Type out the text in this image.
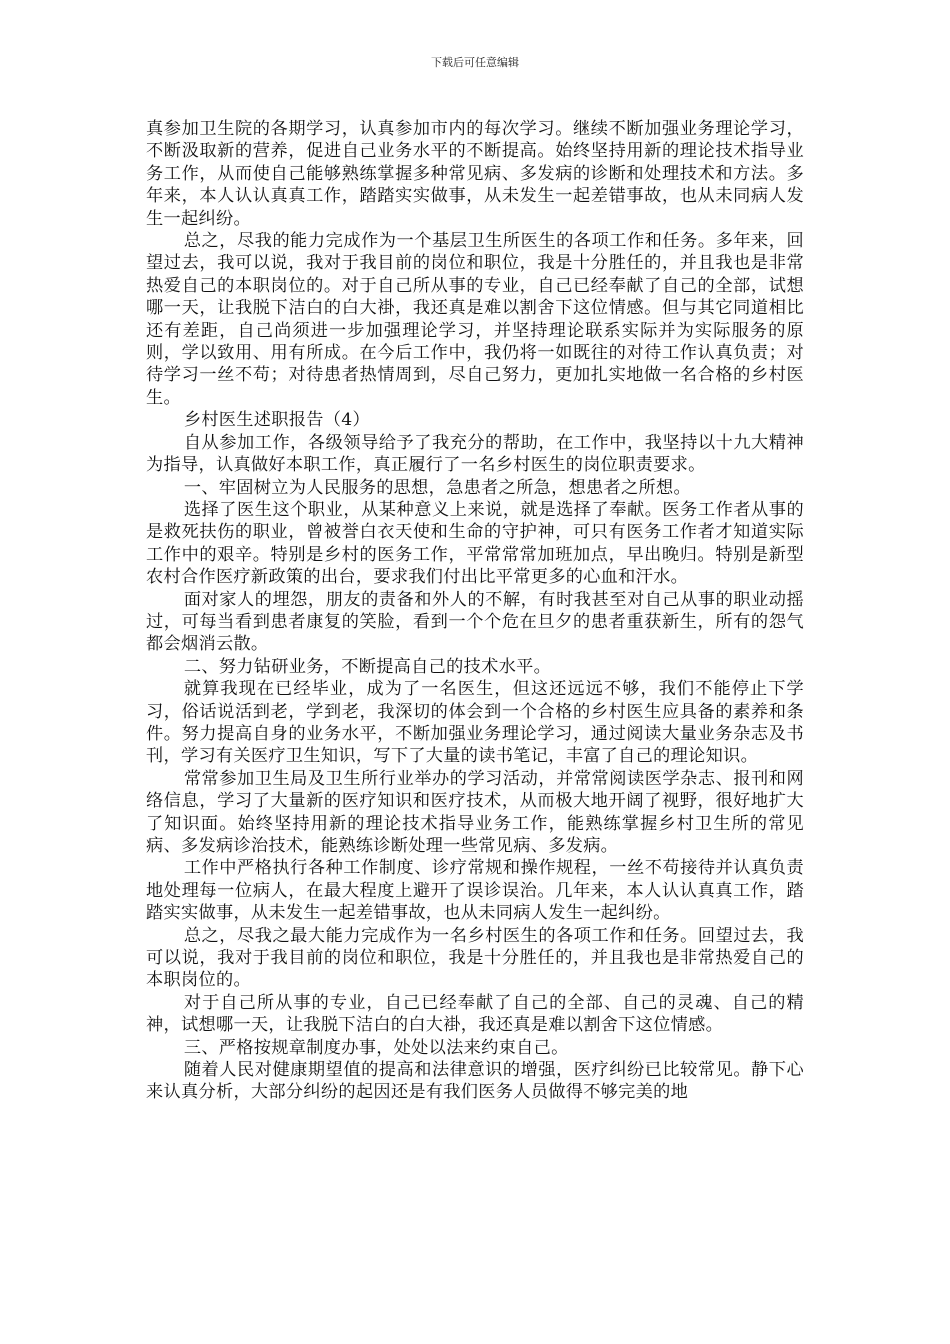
下载后可任意编辑

真参加卫生院的各期学习，认真参加市内的每次学习。继续不断加强业务理论学习，不断汲取新的营养，促进自己业务水平的不断提高。始终坚持用新的理论技术指导业务工作，从而使自己能够熟练掌握多种常见病、多发病的诊断和处理技术和方法。多年来，本人认认真真工作，踏踏实实做事，从未发生一起差错事故，也从未同病人发生一起纠纷。

总之，尽我的能力完成作为一个基层卫生所医生的各项工作和任务。多年来，回望过去，我可以说，我对于我目前的岗位和职位，我是十分胜任的，并且我也是非常热爱自己的本职岗位的。对于自己所从事的专业，自己已经奉献了自己的全部，试想哪一天，让我脱下洁白的白大褂，我还真是难以割舍下这位情感。但与其它同道相比还有差距，自己尚须进一步加强理论学习，并坚持理论联系实际并为实际服务的原则，学以致用、用有所成。在今后工作中，我仍将一如既往的对待工作认真负责；对待学习一丝不苟；对待患者热情周到，尽自己努力，更加扎实地做一名合格的乡村医生。

乡村医生述职报告（4）

自从参加工作，各级领导给予了我充分的帮助，在工作中，我坚持以十九大精神为指导，认真做好本职工作，真正履行了一名乡村医生的岗位职责要求。

一、牢固树立为人民服务的思想，急患者之所急，想患者之所想。

选择了医生这个职业，从某种意义上来说，就是选择了奉献。医务工作者从事的是救死扶伤的职业，曾被誉白衣天使和生命的守护神，可只有医务工作者才知道实际工作中的艰辛。特别是乡村的医务工作，平常常常加班加点，早出晚归。特别是新型农村合作医疗新政策的出台，要求我们付出比平常更多的心血和汗水。

面对家人的埋怨，朋友的责备和外人的不解，有时我甚至对自己从事的职业动摇过，可每当看到患者康复的笑脸，看到一个个危在旦夕的患者重获新生，所有的怨气都会烟消云散。

二、努力钻研业务，不断提高自己的技术水平。

就算我现在已经毕业，成为了一名医生，但这还远远不够，我们不能停止下学习，俗话说活到老，学到老，我深切的体会到一个合格的乡村医生应具备的素养和条件。努力提高自身的业务水平，不断加强业务理论学习，通过阅读大量业务杂志及书刊，学习有关医疗卫生知识，写下了大量的读书笔记，丰富了自己的理论知识。

常常参加卫生局及卫生所行业举办的学习活动，并常常阅读医学杂志、报刊和网络信息，学习了大量新的医疗知识和医疗技术，从而极大地开阔了视野，很好地扩大了知识面。始终坚持用新的理论技术指导业务工作，能熟练掌握乡村卫生所的常见病、多发病诊治技术，能熟练诊断处理一些常见病、多发病。

工作中严格执行各种工作制度、诊疗常规和操作规程，一丝不苟接待并认真负责地处理每一位病人，在最大程度上避开了误诊误治。几年来，本人认认真真工作，踏踏实实做事，从未发生一起差错事故，也从未同病人发生一起纠纷。

总之，尽我之最大能力完成作为一名乡村医生的各项工作和任务。回望过去，我可以说，我对于我目前的岗位和职位，我是十分胜任的，并且我也是非常热爱自己的本职岗位的。

对于自己所从事的专业，自己已经奉献了自己的全部、自己的灵魂、自己的精神，试想哪一天，让我脱下洁白的白大褂，我还真是难以割舍下这位情感。

三、严格按规章制度办事，处处以法来约束自己。

随着人民对健康期望值的提高和法律意识的增强，医疗纠纷已比较常见。静下心来认真分析，大部分纠纷的起因还是有我们医务人员做得不够完美的地
